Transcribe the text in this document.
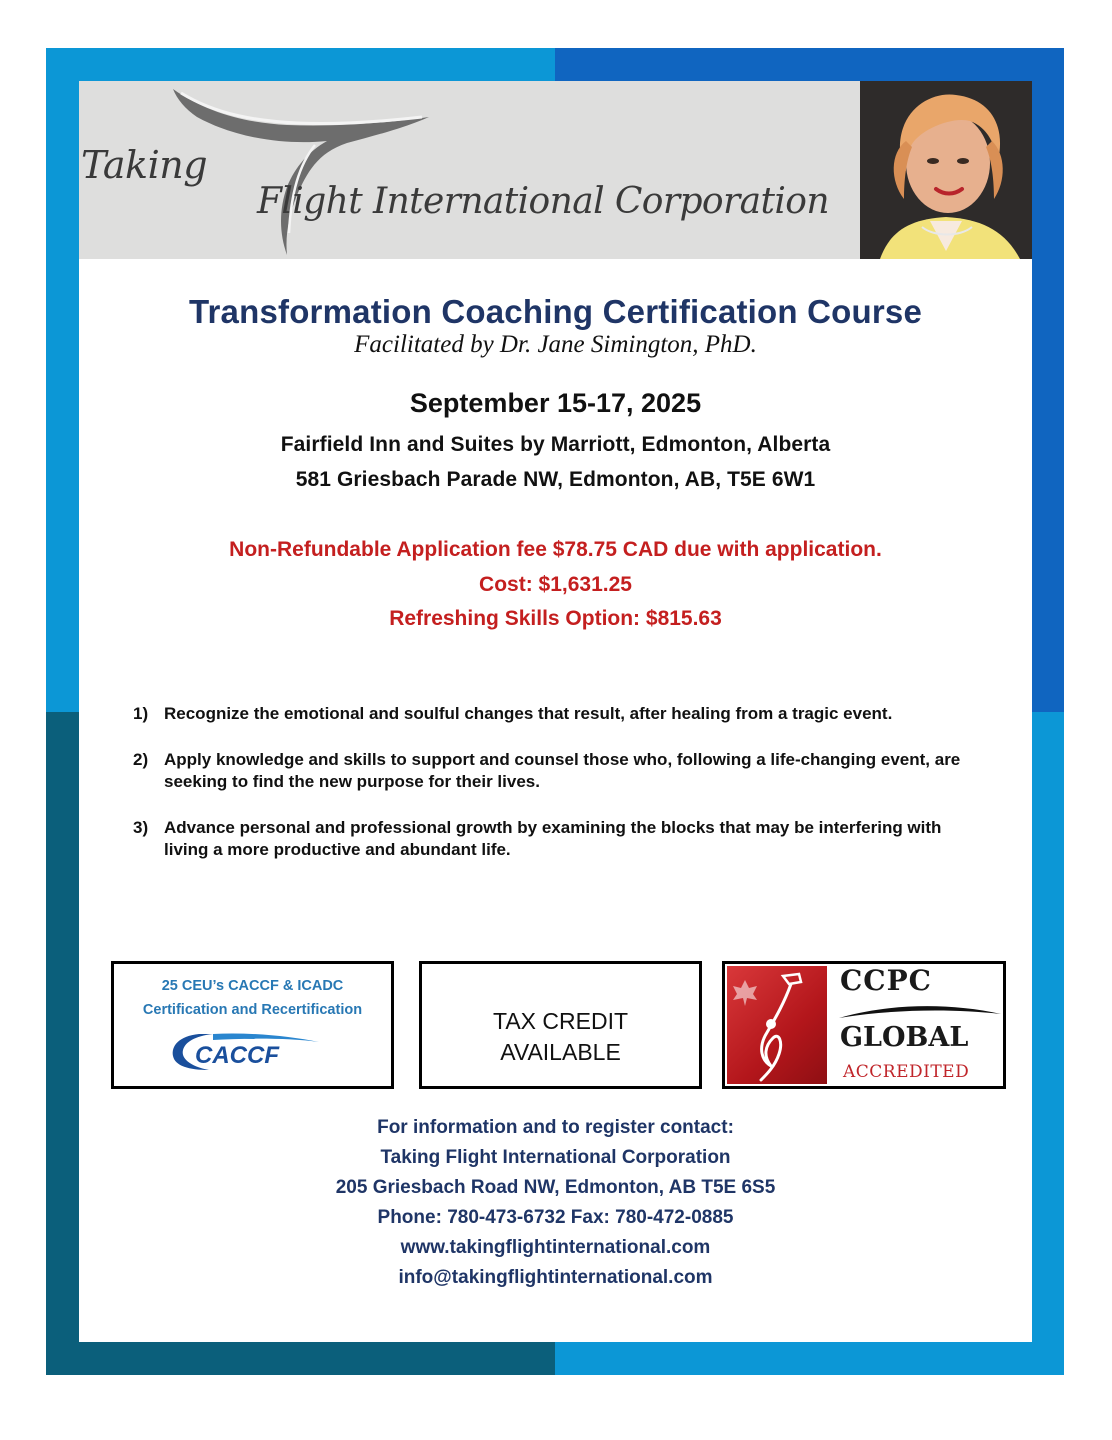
Taking
Flight International Corporation
Transformation Coaching Certification Course
Facilitated by Dr. Jane Simington, PhD.
September 15-17, 2025
Fairfield Inn and Suites by Marriott, Edmonton, Alberta
581 Griesbach Parade NW, Edmonton, AB, T5E 6W1
Non-Refundable Application fee $78.75 CAD due with application.
Cost: $1,631.25
Refreshing Skills Option: $815.63
1) Recognize the emotional and soulful changes that result, after healing from a tragic event.
2) Apply knowledge and skills to support and counsel those who, following a life-changing event, are seeking to find the new purpose for their lives.
3) Advance personal and professional growth by examining the blocks that may be interfering with living a more productive and abundant life.
25 CEU’s CACCF & ICADC
Certification and Recertification
CACCF
TAX CREDIT
AVAILABLE
CCPC
GLOBAL
ACCREDITED
For information and to register contact:
Taking Flight International Corporation
205 Griesbach Road NW, Edmonton, AB T5E 6S5
Phone: 780-473-6732 Fax: 780-472-0885
www.takingflightinternational.com
info@takingflightinternational.com
